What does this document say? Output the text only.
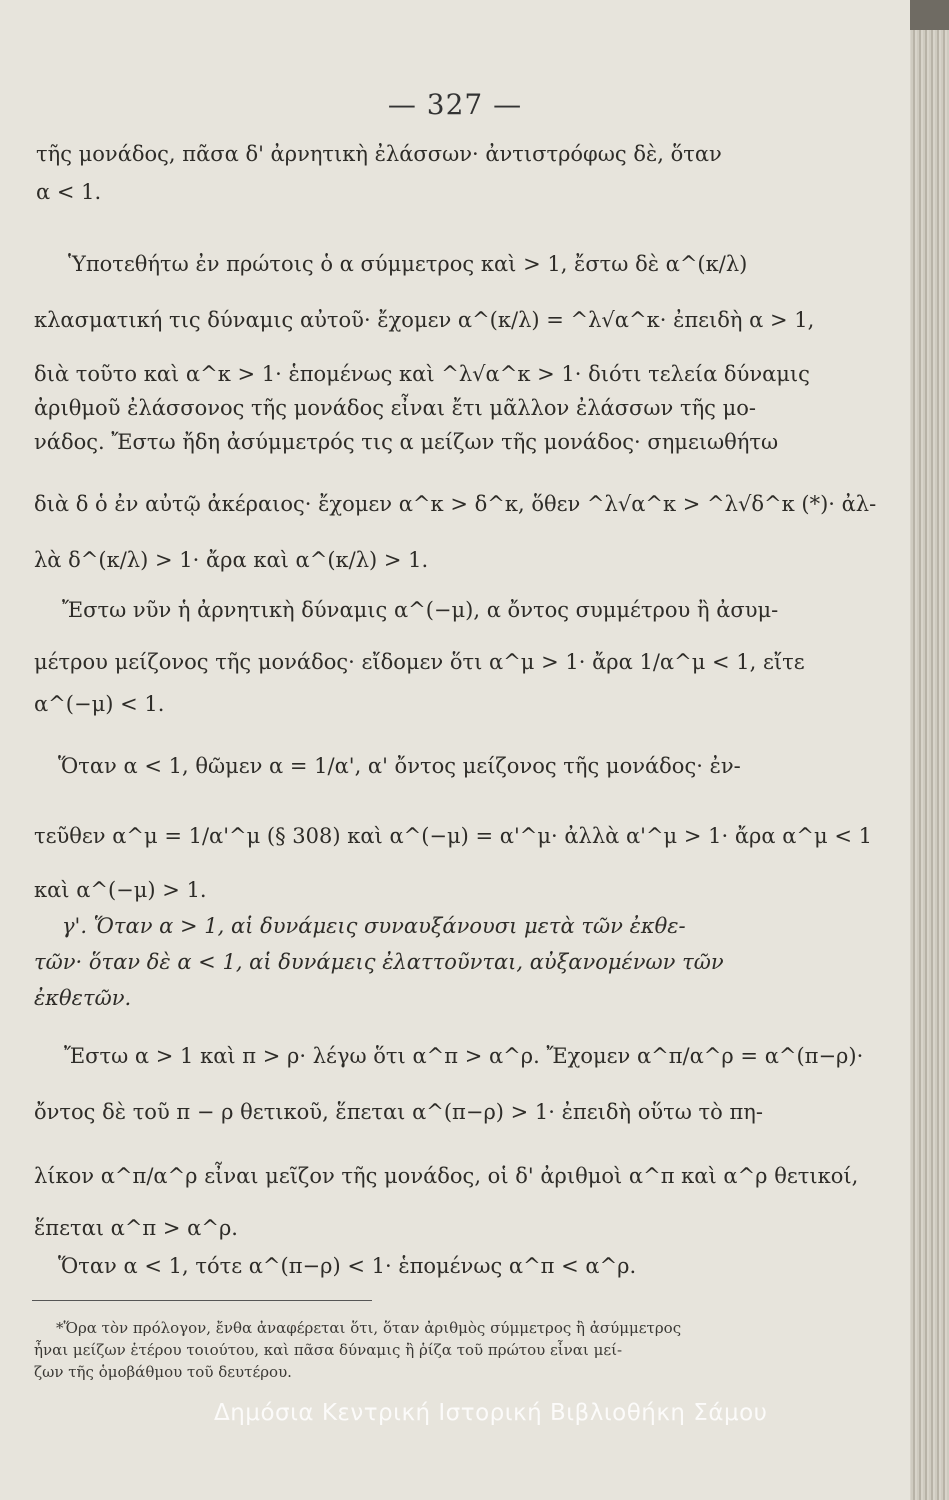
— 327 —
τῆς μονάδος, πᾶσα δ' ἀρνητικὴ ἐλάσσων· ἀντιστρόφως δὲ, ὅταν
α < 1.
Ὑποτεθήτω ἐν πρώτοις ὁ α σύμμετρος καὶ > 1, ἔστω δὲ α^(κ/λ)
κλασματική τις δύναμις αὐτοῦ· ἔχομεν α^(κ/λ) = ^λ√α^κ· ἐπειδὴ α > 1,
διὰ τοῦτο καὶ α^κ > 1· ἑπομένως καὶ ^λ√α^κ > 1· διότι τελεία δύναμις
ἀριθμοῦ ἐλάσσονος τῆς μονάδος εἶναι ἔτι μᾶλλον ἐλάσσων τῆς μο-
νάδος. Ἔστω ἤδη ἀσύμμετρός τις α μείζων τῆς μονάδος· σημειωθήτω
διὰ δ ὁ ἐν αὐτῷ ἀκέραιος· ἔχομεν α^κ > δ^κ, ὅθεν ^λ√α^κ > ^λ√δ^κ (*)· ἀλ-
λὰ δ^(κ/λ) > 1· ἄρα καὶ α^(κ/λ) > 1.
Ἔστω νῦν ἡ ἀρνητικὴ δύναμις α^(−μ), α ὄντος συμμέτρου ἢ ἀσυμ-
μέτρου μείζονος τῆς μονάδος· εἴδομεν ὅτι α^μ > 1· ἄρα 1/α^μ < 1, εἴτε
α^(−μ) < 1.
Ὅταν α < 1, θῶμεν α = 1/α', α' ὄντος μείζονος τῆς μονάδος· ἐν-
τεῦθεν α^μ = 1/α'^μ (§ 308) καὶ α^(−μ) = α'^μ· ἀλλὰ α'^μ > 1· ἄρα α^μ < 1
καὶ α^(−μ) > 1.
γ'. Ὅταν α > 1, αἱ δυνάμεις συναυξάνουσι μετὰ τῶν ἐκθε-
τῶν· ὅταν δὲ α < 1, αἱ δυνάμεις ἐλαττοῦνται, αὐξανομένων τῶν
ἐκθετῶν.
Ἔστω α > 1 καὶ π > ρ· λέγω ὅτι α^π > α^ρ. Ἔχομεν α^π/α^ρ = α^(π−ρ)·
ὄντος δὲ τοῦ π − ρ θετικοῦ, ἕπεται α^(π−ρ) > 1· ἐπειδὴ οὕτω τὸ πη-
λίκον α^π/α^ρ εἶναι μεῖζον τῆς μονάδος, οἱ δ' ἀριθμοὶ α^π καὶ α^ρ θετικοί,
ἕπεται α^π > α^ρ.
Ὅταν α < 1, τότε α^(π−ρ) < 1· ἑπομένως α^π < α^ρ.
*Ὅρα τὸν πρόλογον, ἔνθα ἀναφέρεται ὅτι, ὅταν ἀριθμὸς σύμμετρος ἢ ἀσύμμετρος
ἦναι μείζων ἑτέρου τοιούτου, καὶ πᾶσα δύναμις ἢ ῥίζα τοῦ πρώτου εἶναι μεί-
ζων τῆς ὁμοβάθμου τοῦ δευτέρου.
Δημόσια Κεντρική Ιστορική Βιβλιοθήκη Σάμου
